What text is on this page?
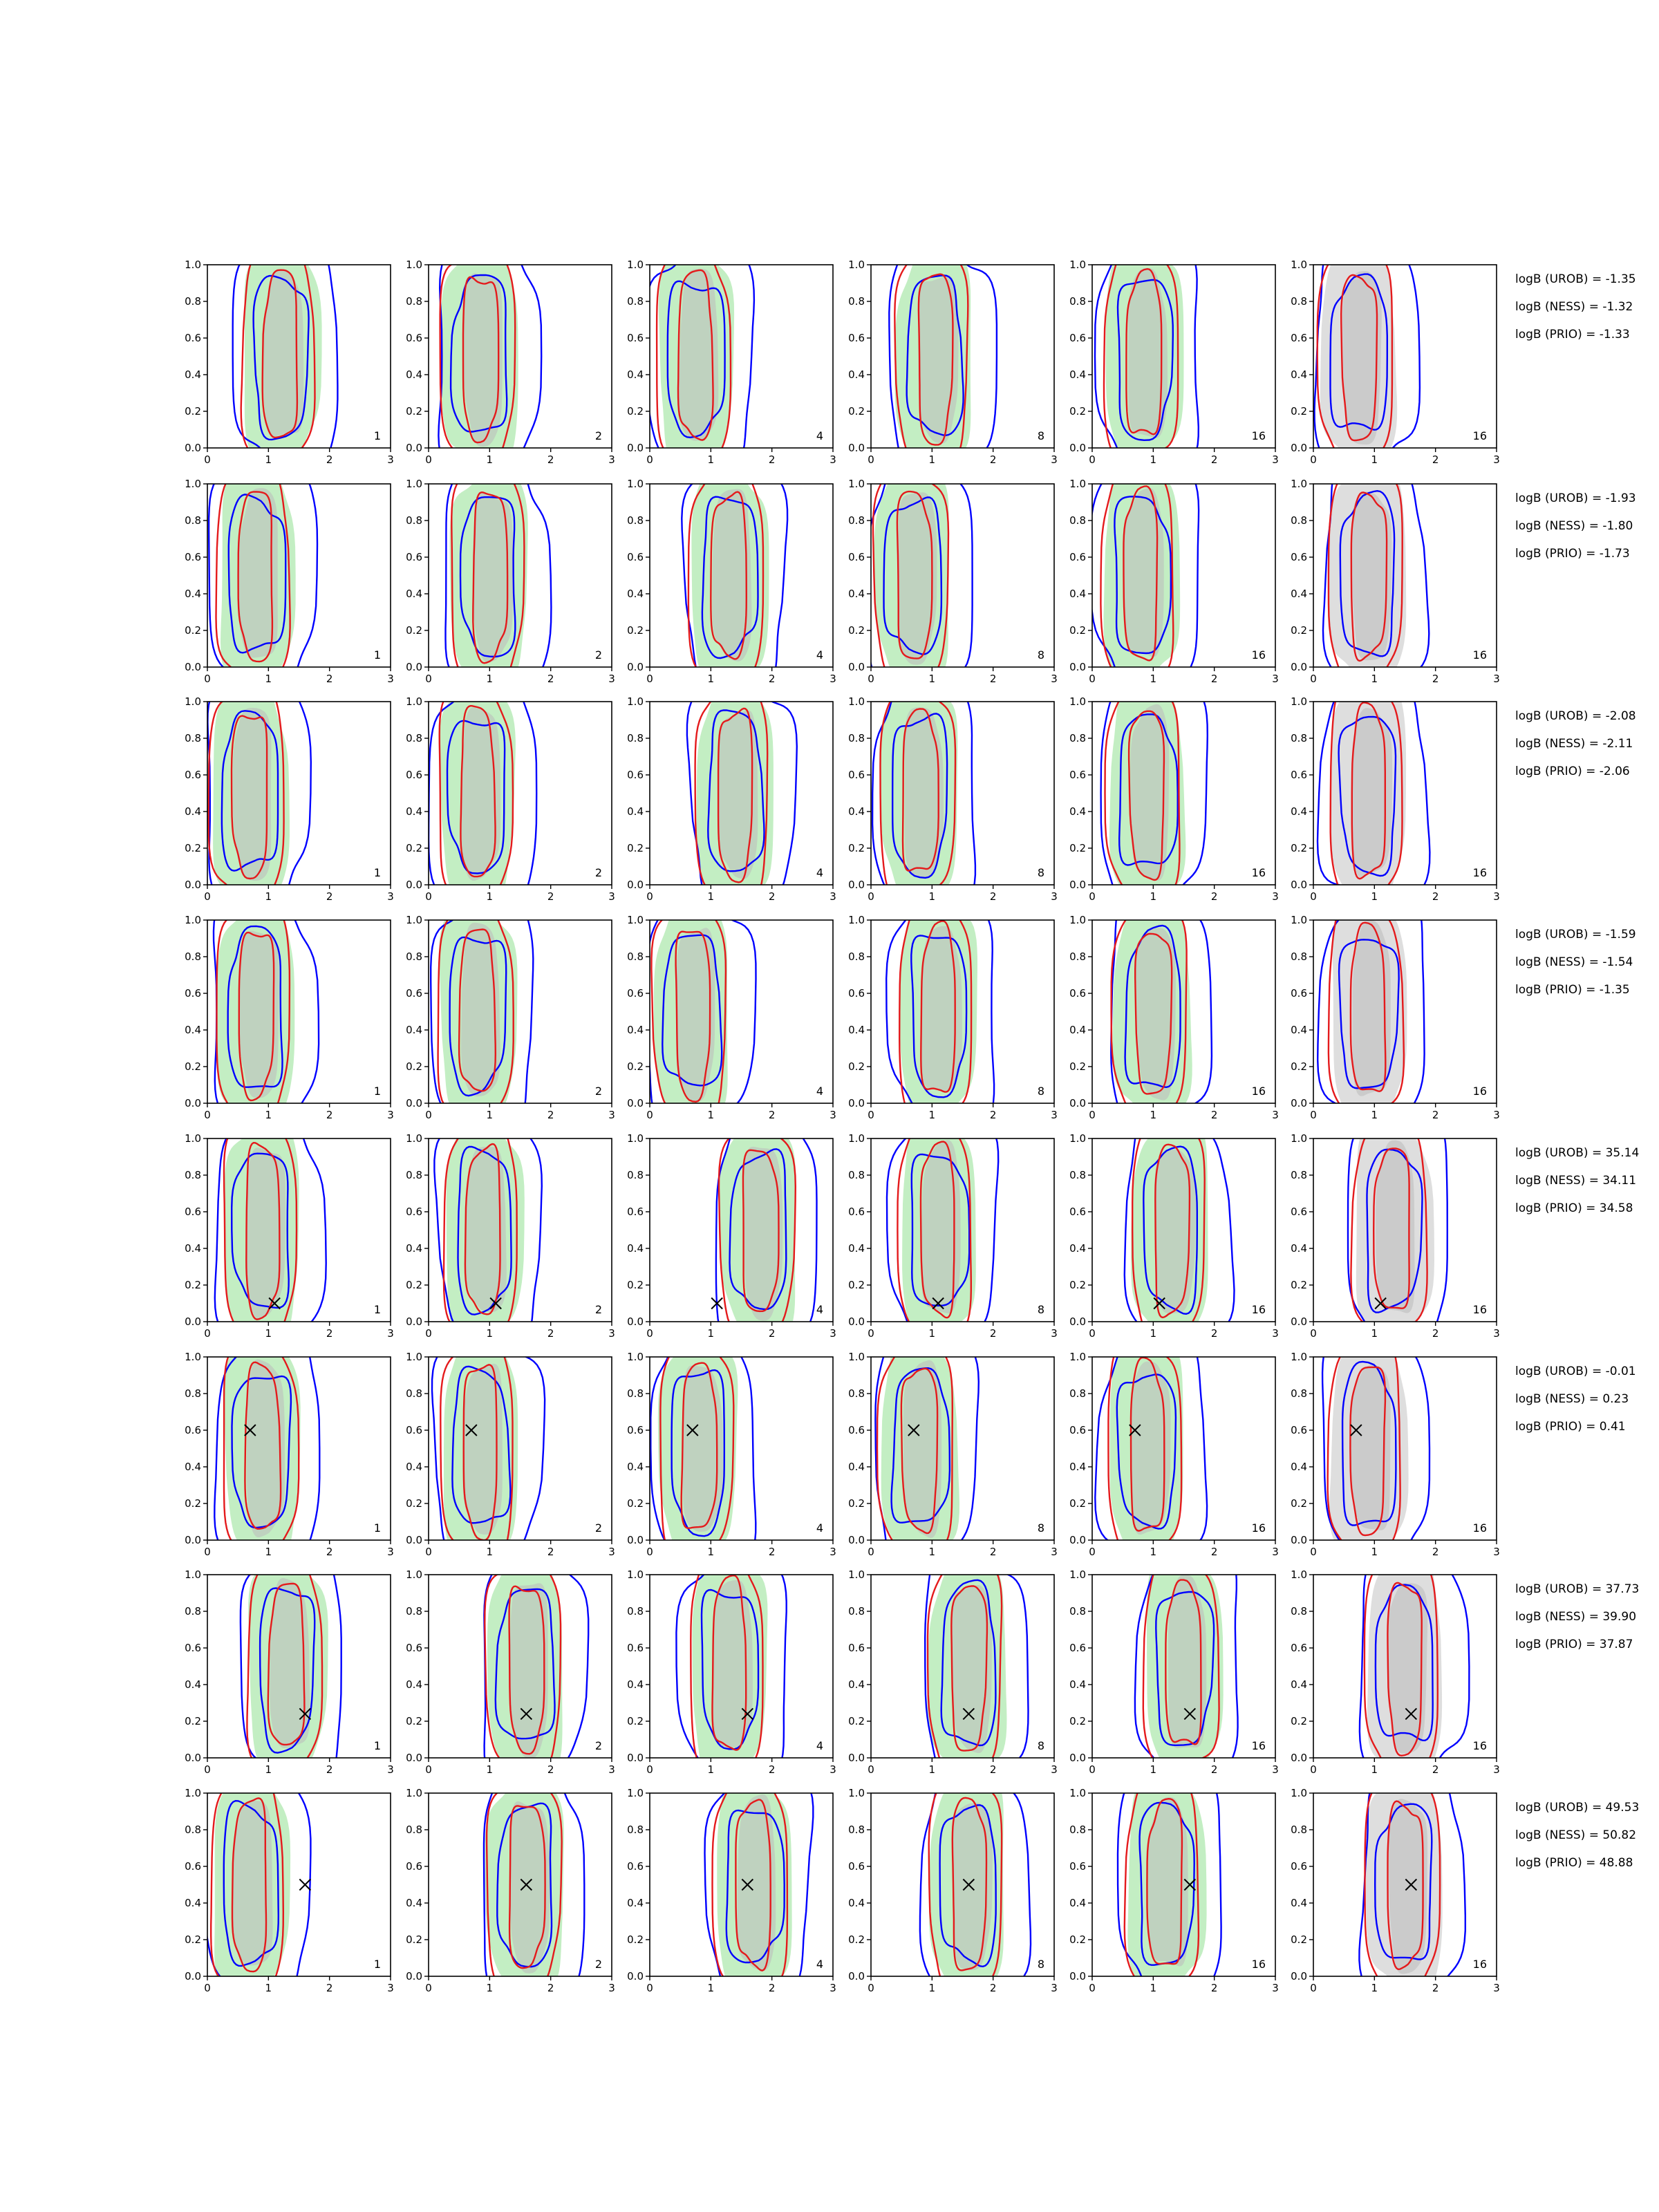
0	1	2	3
0.0
0.2
0.4
0.6
0.8
1.0
1
0	1	2	3
0.0
0.2
0.4
0.6
0.8
1.0
2
0	1	2	3
0.0
0.2
0.4
0.6
0.8
1.0
4
0	1	2	3
0.0
0.2
0.4
0.6
0.8
1.0
8
0	1	2	3
0.0
0.2
0.4
0.6
0.8
1.0
16
0	1	2	3
0.0
0.2
0.4
0.6
0.8
1.0
16
logB (UROB) = -1.35
logB (NESS) = -1.32
logB (PRIO) = -1.33
0	1	2	3
0.0
0.2
0.4
0.6
0.8
1.0
1
0	1	2	3
0.0
0.2
0.4
0.6
0.8
1.0
2
0	1	2	3
0.0
0.2
0.4
0.6
0.8
1.0
4
0	1	2	3
0.0
0.2
0.4
0.6
0.8
1.0
8
0	1	2	3
0.0
0.2
0.4
0.6
0.8
1.0
16
0	1	2	3
0.0
0.2
0.4
0.6
0.8
1.0
16
logB (UROB) = -1.93
logB (NESS) = -1.80
logB (PRIO) = -1.73
0	1	2	3
0.0
0.2
0.4
0.6
0.8
1.0
1
0	1	2	3
0.0
0.2
0.4
0.6
0.8
1.0
2
0	1	2	3
0.0
0.2
0.4
0.6
0.8
1.0
4
0	1	2	3
0.0
0.2
0.4
0.6
0.8
1.0
8
0	1	2	3
0.0
0.2
0.4
0.6
0.8
1.0
16
0	1	2	3
0.0
0.2
0.4
0.6
0.8
1.0
16
logB (UROB) = -2.08
logB (NESS) = -2.11
logB (PRIO) = -2.06
0	1	2	3
0.0
0.2
0.4
0.6
0.8
1.0
1
0	1	2	3
0.0
0.2
0.4
0.6
0.8
1.0
2
0	1	2	3
0.0
0.2
0.4
0.6
0.8
1.0
4
0	1	2	3
0.0
0.2
0.4
0.6
0.8
1.0
8
0	1	2	3
0.0
0.2
0.4
0.6
0.8
1.0
16
0	1	2	3
0.0
0.2
0.4
0.6
0.8
1.0
16
logB (UROB) = -1.59
logB (NESS) = -1.54
logB (PRIO) = -1.35
0	1	2	3
0.0
0.2
0.4
0.6
0.8
1.0
1
0	1	2	3
0.0
0.2
0.4
0.6
0.8
1.0
2
0	1	2	3
0.0
0.2
0.4
0.6
0.8
1.0
4
0	1	2	3
0.0
0.2
0.4
0.6
0.8
1.0
8
0	1	2	3
0.0
0.2
0.4
0.6
0.8
1.0
16
0	1	2	3
0.0
0.2
0.4
0.6
0.8
1.0
16
logB (UROB) = 35.14
logB (NESS) = 34.11
logB (PRIO) = 34.58
0	1	2	3
0.0
0.2
0.4
0.6
0.8
1.0
1
0	1	2	3
0.0
0.2
0.4
0.6
0.8
1.0
2
0	1	2	3
0.0
0.2
0.4
0.6
0.8
1.0
4
0	1	2	3
0.0
0.2
0.4
0.6
0.8
1.0
8
0	1	2	3
0.0
0.2
0.4
0.6
0.8
1.0
16
0	1	2	3
0.0
0.2
0.4
0.6
0.8
1.0
16
logB (UROB) = -0.01
logB (NESS) = 0.23
logB (PRIO) = 0.41
0	1	2	3
0.0
0.2
0.4
0.6
0.8
1.0
1
0	1	2	3
0.0
0.2
0.4
0.6
0.8
1.0
2
0	1	2	3
0.0
0.2
0.4
0.6
0.8
1.0
4
0	1	2	3
0.0
0.2
0.4
0.6
0.8
1.0
8
0	1	2	3
0.0
0.2
0.4
0.6
0.8
1.0
16
0	1	2	3
0.0
0.2
0.4
0.6
0.8
1.0
16
logB (UROB) = 37.73
logB (NESS) = 39.90
logB (PRIO) = 37.87
0	1	2	3
0.0
0.2
0.4
0.6
0.8
1.0
1
0	1	2	3
0.0
0.2
0.4
0.6
0.8
1.0
2
0	1	2	3
0.0
0.2
0.4
0.6
0.8
1.0
4
0	1	2	3
0.0
0.2
0.4
0.6
0.8
1.0
8
0	1	2	3
0.0
0.2
0.4
0.6
0.8
1.0
16
0	1	2	3
0.0
0.2
0.4
0.6
0.8
1.0
16
logB (UROB) = 49.53
logB (NESS) = 50.82
logB (PRIO) = 48.88
